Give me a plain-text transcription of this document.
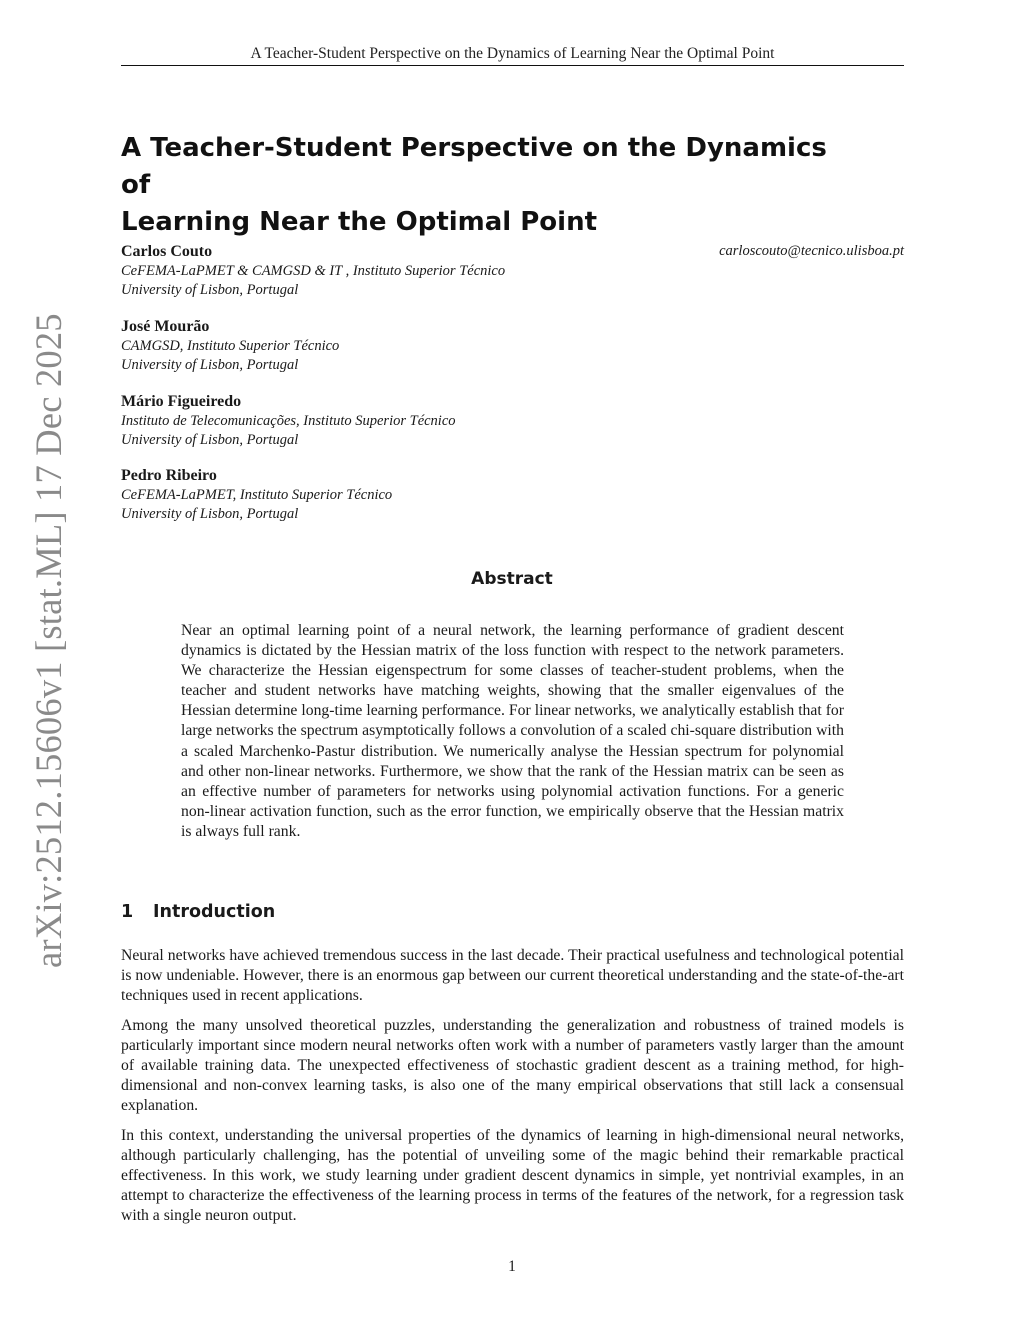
arXiv:2512.15606v1 [stat.ML] 17 Dec 2025
A Teacher-Student Perspective on the Dynamics of Learning Near the Optimal Point
A Teacher-Student Perspective on the Dynamics of
Learning Near the Optimal Point
carloscouto@tecnico.ulisboa.pt
Carlos Couto
CeFEMA-LaPMET & CAMGSD & IT , Instituto Superior Técnico
University of Lisbon, Portugal
José Mourão
CAMGSD, Instituto Superior Técnico
University of Lisbon, Portugal
Mário Figueiredo
Instituto de Telecomunicações, Instituto Superior Técnico
University of Lisbon, Portugal
Pedro Ribeiro
CeFEMA-LaPMET, Instituto Superior Técnico
University of Lisbon, Portugal
Abstract
Near an optimal learning point of a neural network, the learning performance of gradient descent dynamics is dictated by the Hessian matrix of the loss function with respect to the network parameters. We characterize the Hessian eigenspectrum for some classes of teacher-student problems, when the teacher and student networks have matching weights, showing that the smaller eigenvalues of the Hessian determine long-time learning performance. For linear networks, we analytically establish that for large networks the spectrum asymptotically follows a convolution of a scaled chi-square distribution with a scaled Marchenko-Pastur distribution. We numerically analyse the Hessian spectrum for polynomial and other non-linear networks. Furthermore, we show that the rank of the Hessian matrix can be seen as an effective number of parameters for networks using polynomial activation functions. For a generic non-linear activation function, such as the error function, we empirically observe that the Hessian matrix is always full rank.
1 Introduction
Neural networks have achieved tremendous success in the last decade. Their practical usefulness and technological potential is now undeniable. However, there is an enormous gap between our current theoretical understanding and the state-of-the-art techniques used in recent applications.
Among the many unsolved theoretical puzzles, understanding the generalization and robustness of trained models is particularly important since modern neural networks often work with a number of parameters vastly larger than the amount of available training data. The unexpected effectiveness of stochastic gradient descent as a training method, for high-dimensional and non-convex learning tasks, is also one of the many empirical observations that still lack a consensual explanation.
In this context, understanding the universal properties of the dynamics of learning in high-dimensional neural networks, although particularly challenging, has the potential of unveiling some of the magic behind their remarkable practical effectiveness. In this work, we study learning under gradient descent dynamics in simple, yet nontrivial examples, in an attempt to characterize the effectiveness of the learning process in terms of the features of the network, for a regression task with a single neuron output.
1
